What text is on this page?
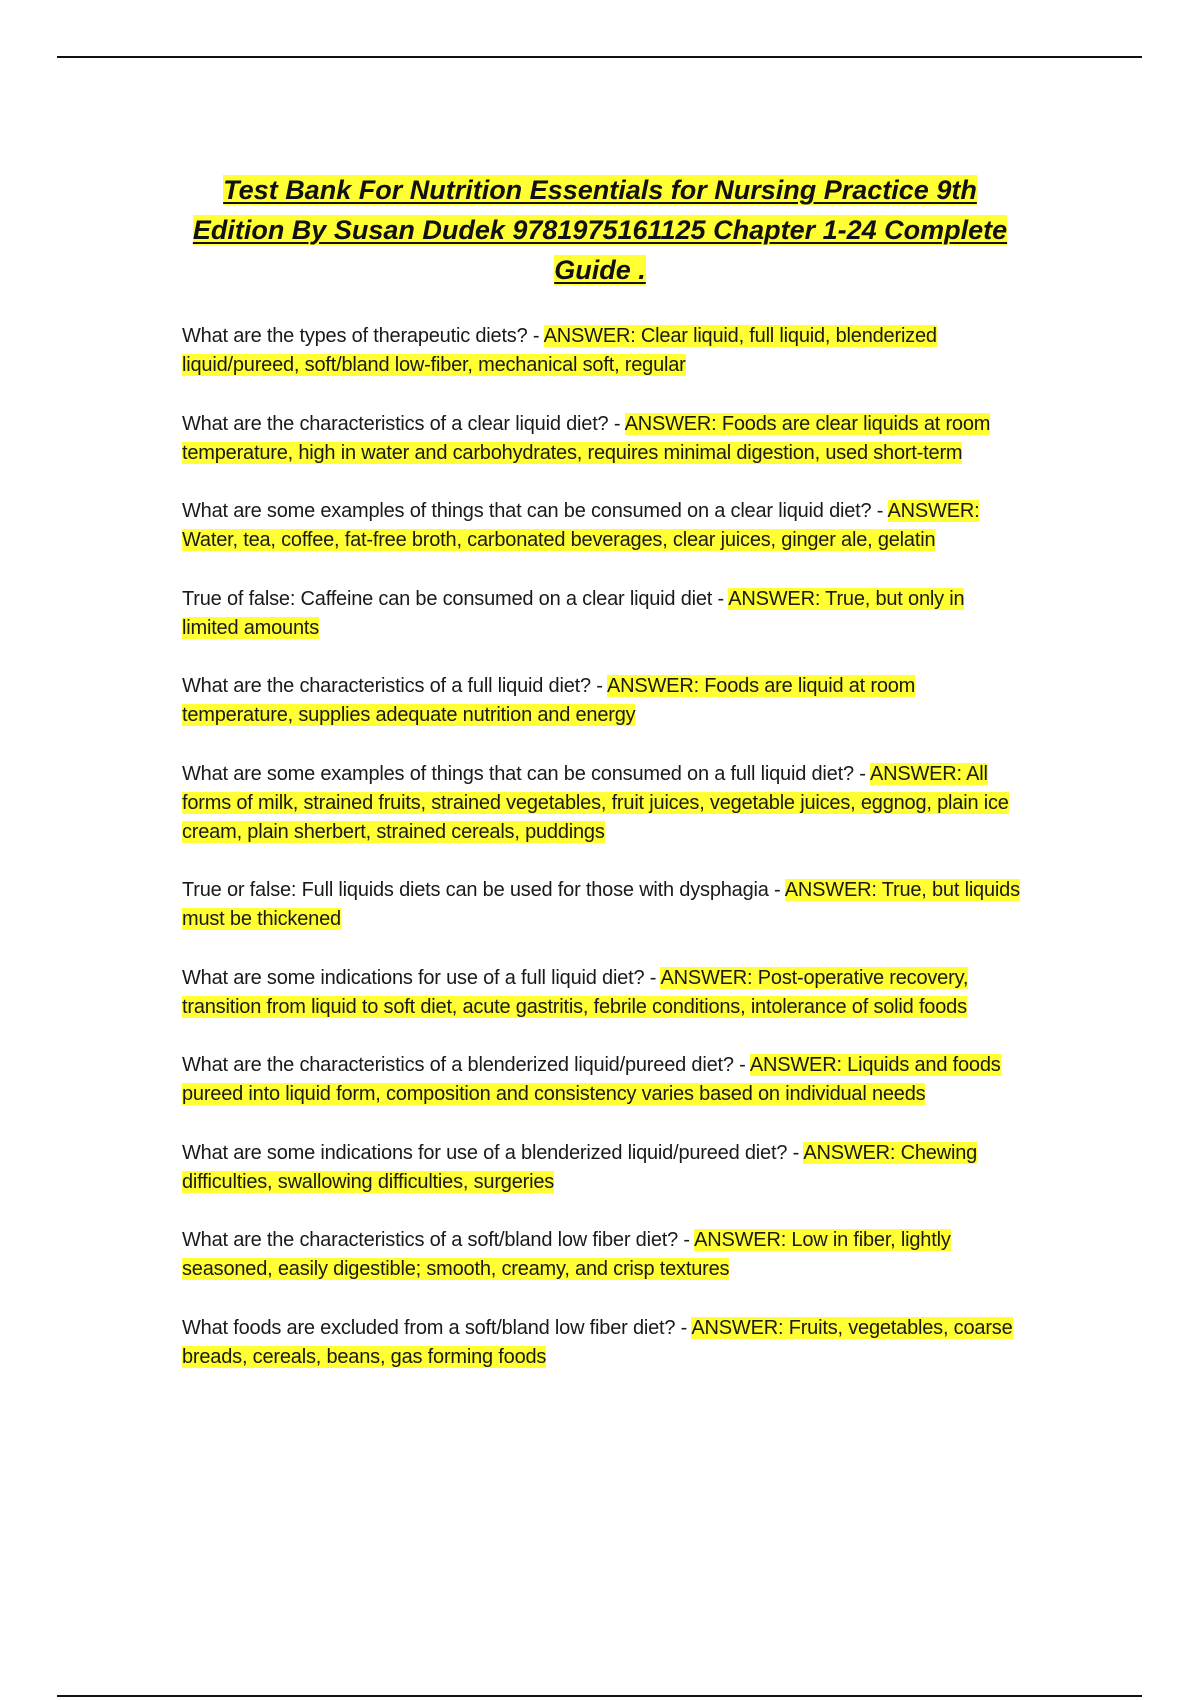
Test Bank For Nutrition Essentials for Nursing Practice 9th Edition By Susan Dudek 9781975161125 Chapter 1-24 Complete Guide .
What are the types of therapeutic diets? - ANSWER: Clear liquid, full liquid, blenderized liquid/pureed, soft/bland low-fiber, mechanical soft, regular
What are the characteristics of a clear liquid diet? - ANSWER: Foods are clear liquids at room temperature, high in water and carbohydrates, requires minimal digestion, used short-term
What are some examples of things that can be consumed on a clear liquid diet? - ANSWER: Water, tea, coffee, fat-free broth, carbonated beverages, clear juices, ginger ale, gelatin
True of false: Caffeine can be consumed on a clear liquid diet - ANSWER: True, but only in limited amounts
What are the characteristics of a full liquid diet? - ANSWER: Foods are liquid at room temperature, supplies adequate nutrition and energy
What are some examples of things that can be consumed on a full liquid diet? - ANSWER: All forms of milk, strained fruits, strained vegetables, fruit juices, vegetable juices, eggnog, plain ice cream, plain sherbert, strained cereals, puddings
True or false: Full liquids diets can be used for those with dysphagia - ANSWER: True, but liquids must be thickened
What are some indications for use of a full liquid diet? - ANSWER: Post-operative recovery, transition from liquid to soft diet, acute gastritis, febrile conditions, intolerance of solid foods
What are the characteristics of a blenderized liquid/pureed diet? - ANSWER: Liquids and foods pureed into liquid form, composition and consistency varies based on individual needs
What are some indications for use of a blenderized liquid/pureed diet? - ANSWER: Chewing difficulties, swallowing difficulties, surgeries
What are the characteristics of a soft/bland low fiber diet? - ANSWER: Low in fiber, lightly seasoned, easily digestible; smooth, creamy, and crisp textures
What foods are excluded from a soft/bland low fiber diet? - ANSWER: Fruits, vegetables, coarse breads, cereals, beans, gas forming foods
